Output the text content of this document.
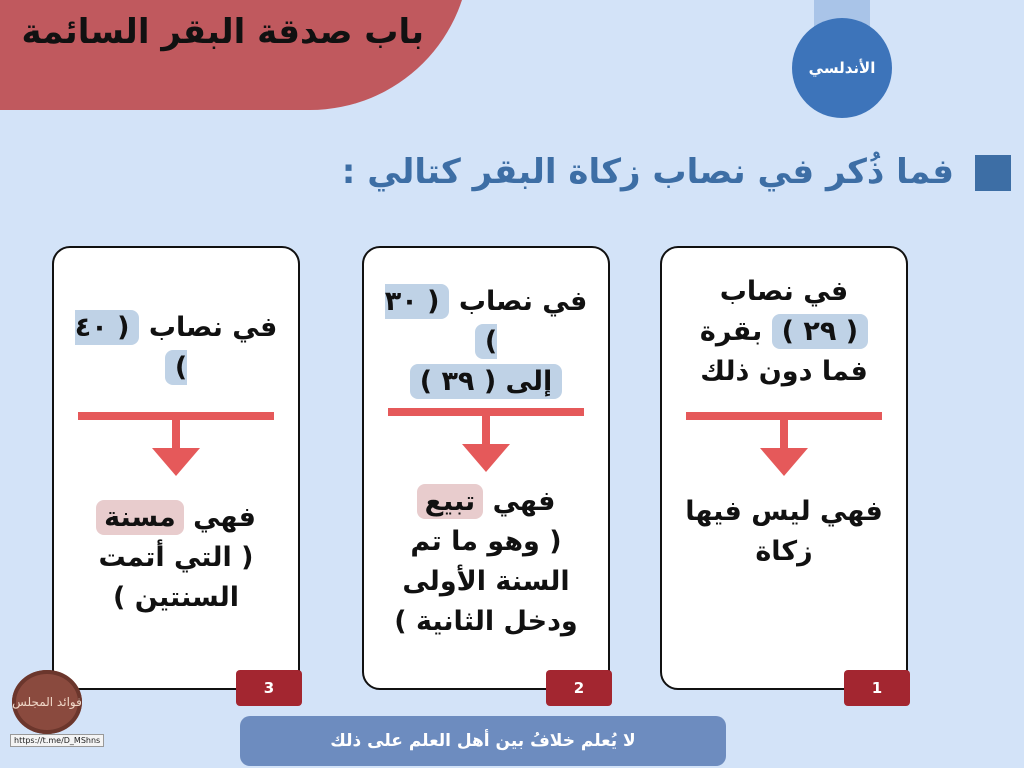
باب صدقة البقر السائمة
الأندلسي
فما ذُكر في نصاب زكاة البقر كتالي :
في نصاب
( ٢٩ ) بقرة فما دون ذلك
فهي ليس فيها زكاة
1
في نصاب ( ٣٠ )
إلى ( ٣٩ )
فهي تبيع
( وهو ما تم السنة الأولى ودخل الثانية )
2
في نصاب ( ٤٠ )
فهي مسنة
( التي أتمت السنتين )
3
لا يُعلم خلافُ بين أهل العلم على ذلك
فوائد المجلس
https://t.me/D_MShns
